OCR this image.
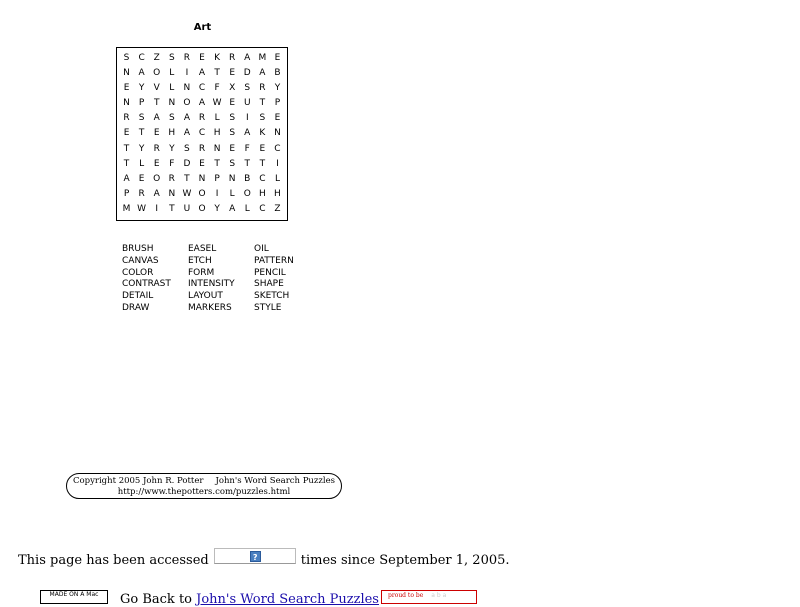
Art
S	C Z	S	R	E	K	R A M E
N A O	L	I	A	T	E D A B
E	Y	V	L	N C	F	X	S	R	Y
N	P	T N O A W E U	T	P
R	S	A	S	A R	L	S	I	S	E
E	T	E H A C H S	A	K N
T	Y	R	Y	S	R N E	F	E	C
T	L	E	F	D E	T	S	T	T	I
A	E O R	T N	P	N B C	L
P	R A N W O	I	L	O H H
M W	I	T	U O Y	A	L	C Z
BRUSH	EASEL	OIL
CANVAS	ETCH	PATTERN
COLOR	FORM	PENCIL
CONTRAST	INTENSITY	SHAPE
DETAIL	LAYOUT	SKETCH
DRAW	MARKERS	STYLE
Copyright 2005 John R. Potter John's Word Search Puzzles
http://www.thepotters.com/puzzles.html
This page has been accessed	?	times since September 1, 2005.
MADE ON A Mac	Go Back to John's Word Search Puzzles	proud to be a b a
